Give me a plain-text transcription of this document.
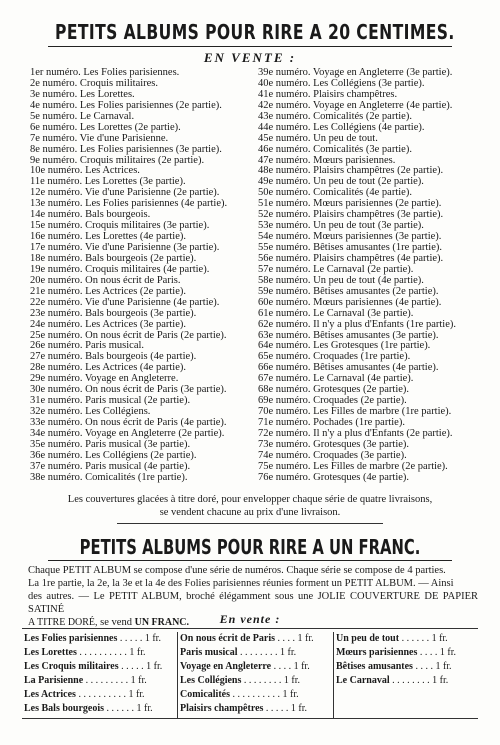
PETITS ALBUMS POUR RIRE A 20 CENTIMES.
EN VENTE :
1er numéro. Les Folies parisiennes.
2e numéro. Croquis militaires.
3e numéro. Les Lorettes.
4e numéro. Les Folies parisiennes (2e partie).
5e numéro. Le Carnaval.
6e numéro. Les Lorettes (2e partie).
7e numéro. Vie d'une Parisienne.
8e numéro. Les Folies parisiennes (3e partie).
9e numéro. Croquis militaires (2e partie).
10e numéro. Les Actrices.
11e numéro. Les Lorettes (3e partie).
12e numéro. Vie d'une Parisienne (2e partie).
13e numéro. Les Folies parisiennes (4e partie).
14e numéro. Bals bourgeois.
15e numéro. Croquis militaires (3e partie).
16e numéro. Les Lorettes (4e partie).
17e numéro. Vie d'une Parisienne (3e partie).
18e numéro. Bals bourgeois (2e partie).
19e numéro. Croquis militaires (4e partie).
20e numéro. On nous écrit de Paris.
21e numéro. Les Actrices (2e partie).
22e numéro. Vie d'une Parisienne (4e partie).
23e numéro. Bals bourgeois (3e partie).
24e numéro. Les Actrices (3e partie).
25e numéro. On nous écrit de Paris (2e partie).
26e numéro. Paris musical.
27e numéro. Bals bourgeois (4e partie).
28e numéro. Les Actrices (4e partie).
29e numéro. Voyage en Angleterre.
30e numéro. On nous écrit de Paris (3e partie).
31e numéro. Paris musical (2e partie).
32e numéro. Les Collégiens.
33e numéro. On nous écrit de Paris (4e partie).
34e numéro. Voyage en Angleterre (2e partie).
35e numéro. Paris musical (3e partie).
36e numéro. Les Collégiens (2e partie).
37e numéro. Paris musical (4e partie).
38e numéro. Comicalités (1re partie).
39e numéro. Voyage en Angleterre (3e partie).
40e numéro. Les Collégiens (3e partie).
41e numéro. Plaisirs champêtres.
42e numéro. Voyage en Angleterre (4e partie).
43e numéro. Comicalités (2e partie).
44e numéro. Les Collégiens (4e partie).
45e numéro. Un peu de tout.
46e numéro. Comicalités (3e partie).
47e numéro. Mœurs parisiennes.
48e numéro. Plaisirs champêtres (2e partie).
49e numéro. Un peu de tout (2e partie).
50e numéro. Comicalités (4e partie).
51e numéro. Mœurs parisiennes (2e partie).
52e numéro. Plaisirs champêtres (3e partie).
53e numéro. Un peu de tout (3e partie).
54e numéro. Mœurs parisiennes (3e partie).
55e numéro. Bêtises amusantes (1re partie).
56e numéro. Plaisirs champêtres (4e partie).
57e numéro. Le Carnaval (2e partie).
58e numéro. Un peu de tout (4e partie).
59e numéro. Bêtises amusantes (2e partie).
60e numéro. Mœurs parisiennes (4e partie).
61e numéro. Le Carnaval (3e partie).
62e numéro. Il n'y a plus d'Enfants (1re partie).
63e numéro. Bêtises amusantes (3e partie).
64e numéro. Les Grotesques (1re partie).
65e numéro. Croquades (1re partie).
66e numéro. Bêtises amusantes (4e partie).
67e numéro. Le Carnaval (4e partie).
68e numéro. Grotesques (2e partie).
69e numéro. Croquades (2e partie).
70e numéro. Les Filles de marbre (1re partie).
71e numéro. Pochades (1re partie).
72e numéro. Il n'y a plus d'Enfants (2e partie).
73e numéro. Grotesques (3e partie).
74e numéro. Croquades (3e partie).
75e numéro. Les Filles de marbre (2e partie).
76e numéro. Grotesques (4e partie).
Les couvertures glacées à titre doré, pour envelopper chaque série de quatre livraisons,
se vendent chacune au prix d'une livraison.
PETITS ALBUMS POUR RIRE A UN FRANC.
Chaque PETIT ALBUM se compose d'une série de numéros. Chaque série se compose de 4 parties.
La 1re partie, la 2e, la 3e et la 4e des Folies parisiennes réunies forment un PETIT ALBUM. — Ainsi
des autres. — Le PETIT ALBUM, broché élégamment sous une JOLIE COUVERTURE DE PAPIER SATINÉ
A TITRE DORÉ, se vend UN FRANC.	En vente :
Les Folies parisiennes . . . . . 1 fr.
Les Lorettes . . . . . . . . . . 1 fr.
Les Croquis militaires . . . . . 1 fr.
La Parisienne . . . . . . . . . 1 fr.
Les Actrices . . . . . . . . . . 1 fr.
Les Bals bourgeois . . . . . . 1 fr.
On nous écrit de Paris . . . . 1 fr.
Paris musical . . . . . . . . 1 fr.
Voyage en Angleterre . . . . 1 fr.
Les Collégiens . . . . . . . . 1 fr.
Comicalités . . . . . . . . . . 1 fr.
Plaisirs champêtres . . . . . 1 fr.
Un peu de tout . . . . . . 1 fr.
Mœurs parisiennes . . . . 1 fr.
Bêtises amusantes . . . . 1 fr.
Le Carnaval . . . . . . . . 1 fr.
